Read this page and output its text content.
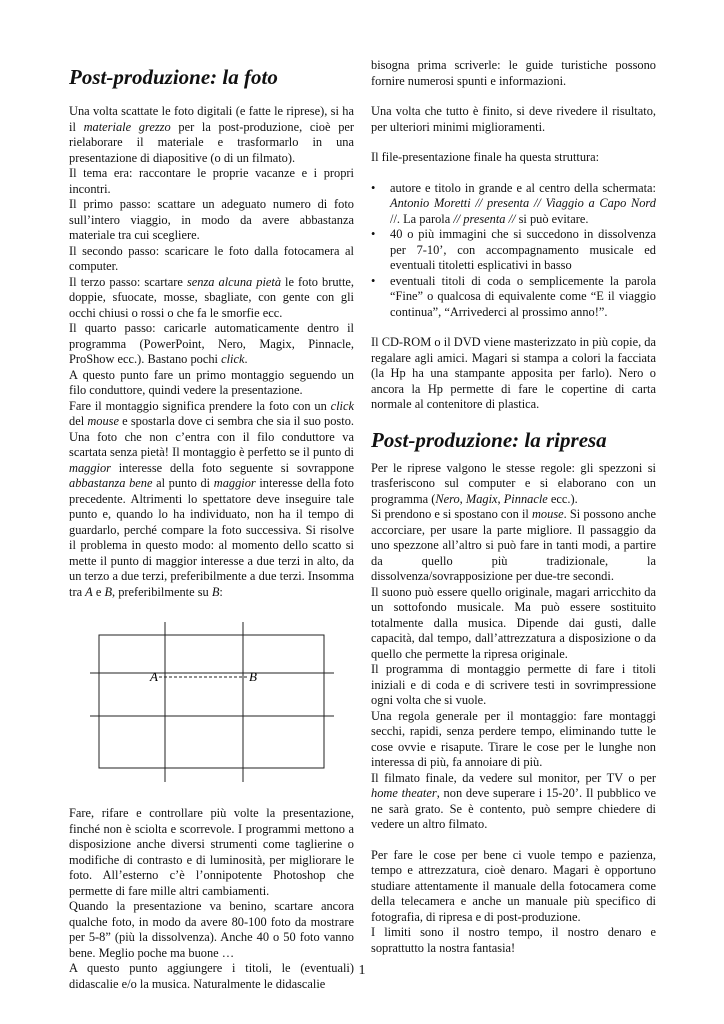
Post-produzione: la foto

Una volta scattate le foto digitali (e fatte le riprese), si ha il materiale grezzo per la post-produzione, cioè per rielaborare il materiale e trasformarlo in una presentazione di diapositive (o di un filmato).

Il tema era: raccontare le proprie vacanze e i propri incontri.

Il primo passo: scattare un adeguato numero di foto sull’intero viaggio, in modo da avere abbastanza materiale tra cui scegliere.

Il secondo passo: scaricare le foto dalla fotocamera al computer.

Il terzo passo: scartare senza alcuna pietà le foto brutte, doppie, sfuocate, mosse, sbagliate, con gente con gli occhi chiusi o rossi o che fa le smorfie ecc.

Il quarto passo: caricarle automaticamente dentro il programma (PowerPoint, Nero, Magix, Pinnacle, ProShow ecc.). Bastano pochi click.

A questo punto fare un primo montaggio seguendo un filo conduttore, quindi vedere la presentazione.

Fare il montaggio significa prendere la foto con un click del mouse e spostarla dove ci sembra che sia il suo posto. Una foto che non c’entra con il filo conduttore va scartata senza pietà! Il montaggio è perfetto se il punto di maggior interesse della foto seguente si sovrappone abbastanza bene al punto di maggior interesse della foto precedente. Altrimenti lo spettatore deve inseguire tale punto e, quando lo ha individuato, non ha il tempo di guardarlo, perché compare la foto successiva. Si risolve il problema in questo modo: al momento dello scatto si mette il punto di maggior interesse a due terzi in alto, da un terzo a due terzi, preferibilmente a due terzi. Insomma tra A e B, preferibilmente su B:

A	B

Fare, rifare e controllare più volte la presentazione, finché non è sciolta e scorrevole. I programmi mettono a disposizione anche diversi strumenti come taglierine o modifiche di contrasto e di luminosità, per migliorare le foto. All’esterno c’è l’onnipotente Photoshop che permette di fare mille altri cambiamenti.

Quando la presentazione va benino, scartare ancora qualche foto, in modo da avere 80-100 foto da mostrare per 5-8” (più la dissolvenza). Anche 40 o 50 foto vanno bene. Meglio poche ma buone …

A questo punto aggiungere i titoli, le (eventuali) didascalie e/o la musica. Naturalmente le didascalie

bisogna prima scriverle: le guide turistiche possono fornire numerosi spunti e informazioni.

Una volta che tutto è finito, si deve rivedere il risultato, per ulteriori minimi miglioramenti.

Il file-presentazione finale ha questa struttura:

• autore e titolo in grande e al centro della schermata: Antonio Moretti // presenta // Viaggio a Capo Nord //. La parola // presenta // si può evitare.
• 40 o più immagini che si succedono in dissolvenza per 7-10’, con accompagnamento musicale ed eventuali titoletti esplicativi in basso
• eventuali titoli di coda o semplicemente la parola “Fine” o qualcosa di equivalente come “E il viaggio continua”, “Arrivederci al prossimo anno!”.

Il CD-ROM o il DVD viene masterizzato in più copie, da regalare agli amici. Magari si stampa a colori la facciata (la Hp ha una stampante apposita per farlo). Nero o ancora la Hp permette di fare le copertine di carta normale al contenitore di plastica.

Post-produzione: la ripresa

Per le riprese valgono le stesse regole: gli spezzoni si trasferiscono sul computer e si elaborano con un programma (Nero, Magix, Pinnacle ecc.).

Si prendono e si spostano con il mouse. Si possono anche accorciare, per usare la parte migliore. Il passaggio da uno spezzone all’altro si può fare in tanti modi, a partire da quello più tradizionale, la dissolvenza/sovrapposizione per due-tre secondi.

Il suono può essere quello originale, magari arricchito da un sottofondo musicale. Ma può essere sostituito totalmente dalla musica. Dipende dai gusti, dalle capacità, dal tempo, dall’attrezzatura a disposizione o da quello che permette la ripresa originale.

Il programma di montaggio permette di fare i titoli iniziali e di coda e di scrivere testi in sovrimpressione ogni volta che si vuole.

Una regola generale per il montaggio: fare montaggi secchi, rapidi, senza perdere tempo, eliminando tutte le cose ovvie e risapute. Tirare le cose per le lunghe non interessa di più, fa annoiare di più.

Il filmato finale, da vedere sul monitor, per TV o per home theater, non deve superare i 15-20’. Il pubblico ve ne sarà grato. Se è contento, può sempre chiedere di vedere un altro filmato.

Per fare le cose per bene ci vuole tempo e pazienza, tempo e attrezzatura, cioè denaro. Magari è opportuno studiare attentamente il manuale della fotocamera come della telecamera e anche un manuale più specifico di fotografia, di ripresa e di post-produzione.

I limiti sono il nostro tempo, il nostro denaro e soprattutto la nostra fantasia!

1
